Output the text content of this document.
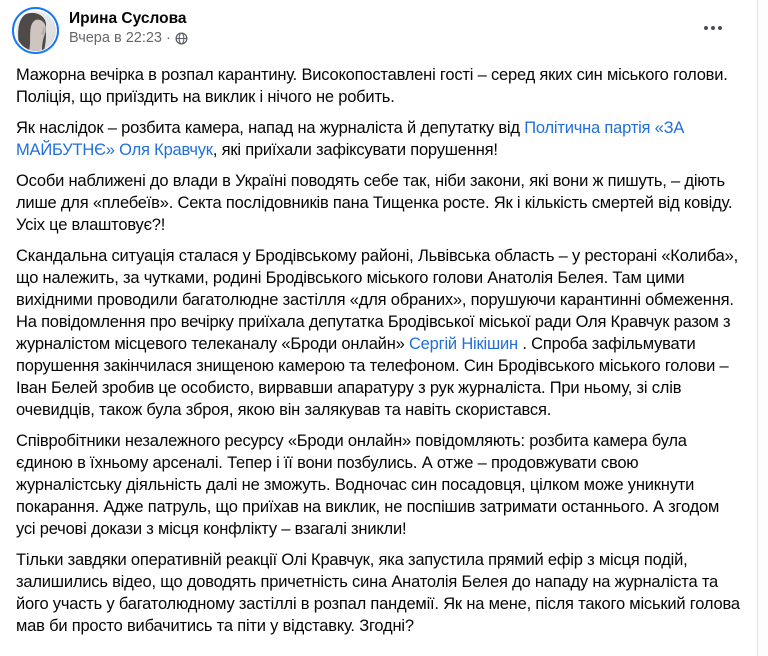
Ирина Суслова
Вчера в 22:23 ·

Мажорна вечірка в розпал карантину. Високопоставлені гості – серед яких син міського голови. Поліція, що приїздить на виклик і нічого не робить.

Як наслідок – розбита камера, напад на журналіста й депутатку від Політична партія «ЗА МАЙБУТНЄ» Оля Кравчук, які приїхали зафіксувати порушення!

Особи наближені до влади в Україні поводять себе так, ніби закони, які вони ж пишуть, – діють лише для «плебеїв». Секта послідовників пана Тищенка росте. Як і кількість смертей від ковіду. Усіх це влаштовує?!

Скандальна ситуація сталася у Бродівському районі, Львівська область – у ресторані «Колиба», що належить, за чутками, родині Бродівського міського голови Анатолія Белея. Там цими вихідними проводили багатолюдне застілля «для обраних», порушуючи карантинні обмеження. На повідомлення про вечірку приїхала депутатка Бродівської міської ради Оля Кравчук разом з журналістом місцевого телеканалу «Броди онлайн» Сергій Нікішин . Спроба зафільмувати порушення закінчилася знищеною камерою та телефоном. Син Бродівського міського голови – Іван Белей зробив це особисто, вирвавши апаратуру з рук журналіста. При ньому, зі слів очевидців, також була зброя, якою він залякував та навіть скористався.

Співробітники незалежного ресурсу «Броди онлайн» повідомляють: розбита камера була єдиною в їхньому арсеналі. Тепер і її вони позбулись. А отже – продовжувати свою журналістську діяльність далі не зможуть. Водночас син посадовця, цілком може уникнути покарання. Адже патруль, що приїхав на виклик, не поспішив затримати останнього. А згодом усі речові докази з місця конфлікту – взагалі зникли!

Тільки завдяки оперативній реакції Олі Кравчук, яка запустила прямий ефір з місця подій, залишились відео, що доводять причетність сина Анатолія Белея до нападу на журналіста та його участь у багатолюдному застіллі в розпал пандемії. Як на мене, після такого міський голова мав би просто вибачитись та піти у відставку. Згодні?
